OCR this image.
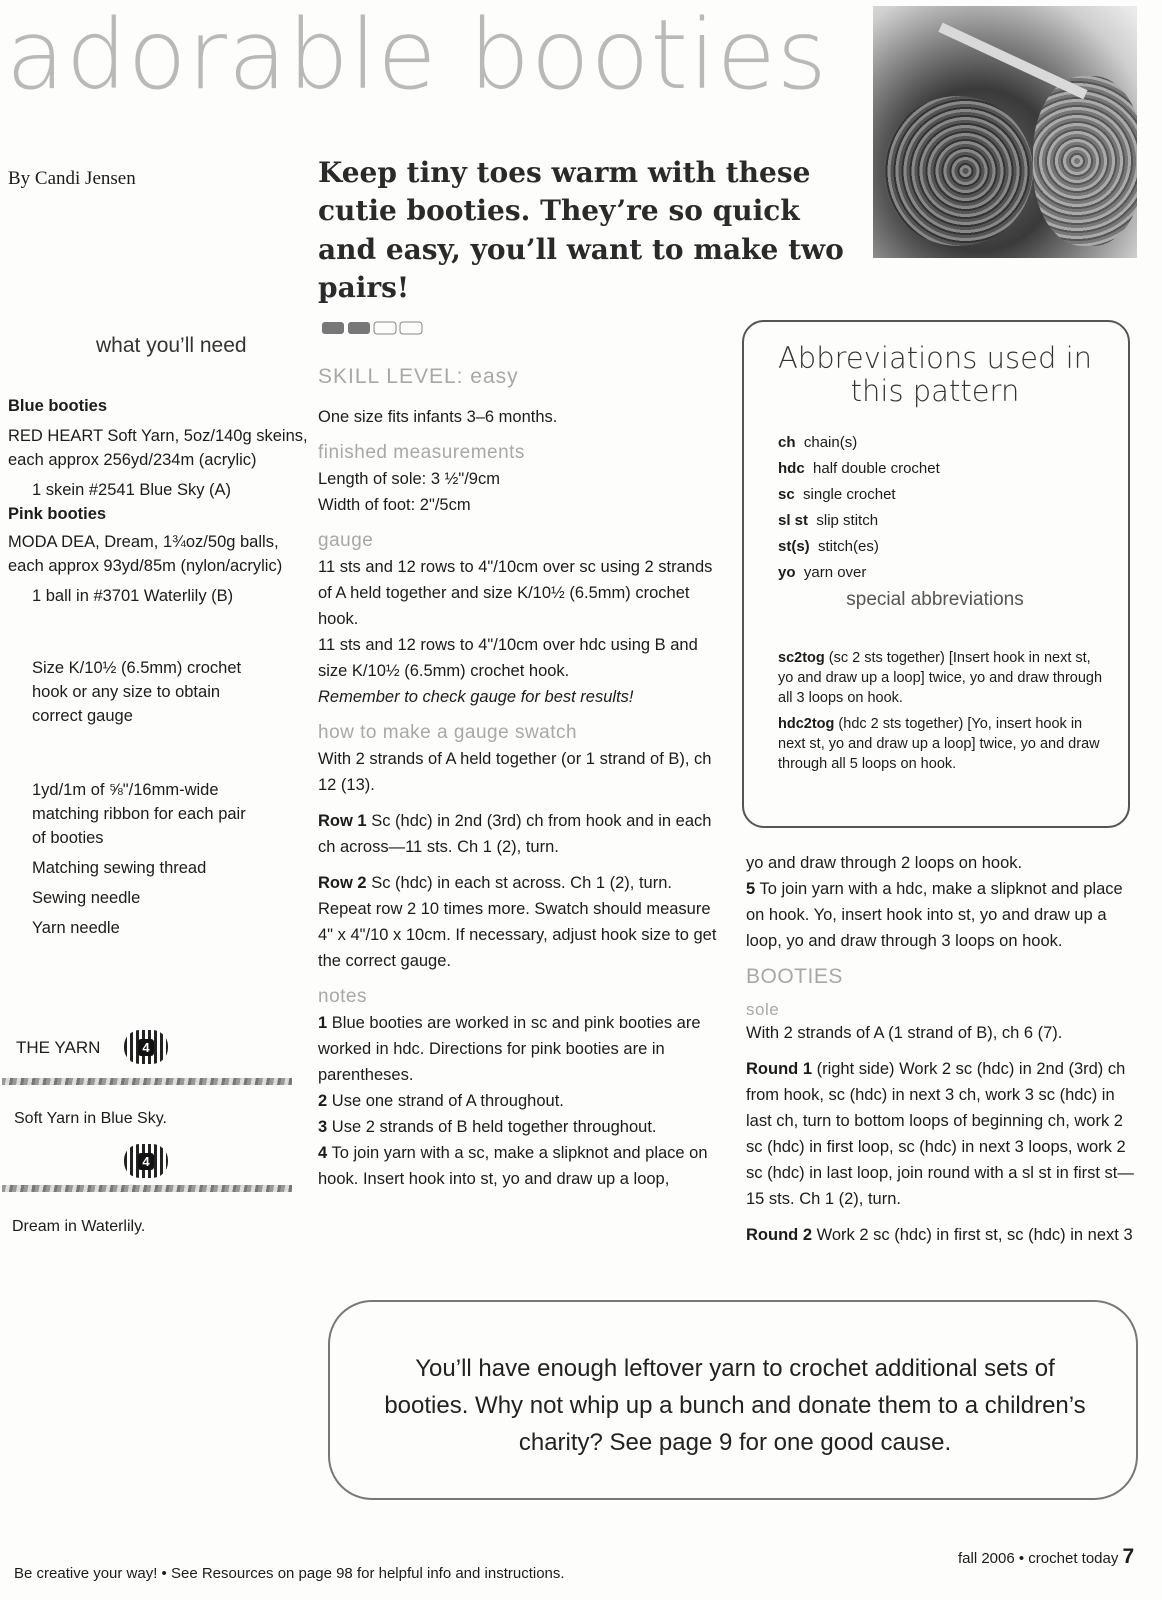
adorable booties
By Candi Jensen	Keep tiny toes warm with these cutie booties. They’re so quick and easy, you’ll want to make two pairs!
what you’ll need

Blue booties

RED HEART Soft Yarn, 5oz/140g skeins, each approx 256yd/234m (acrylic)

1 skein #2541 Blue Sky (A)

Pink booties

MODA DEA, Dream, 1¾oz/50g balls, each approx 93yd/85m (nylon/acrylic)

1 ball in #3701 Waterlily (B)

Size K/10½ (6.5mm) crochet hook or any size to obtain correct gauge

1yd/1m of ⅝"/16mm-wide matching ribbon for each pair of booties

Matching sewing thread

Sewing needle

Yarn needle

THE YARN	4
Soft Yarn in Blue Sky.
4
Dream in Waterlily.

SKILL LEVEL: easy

One size fits infants 3–6 months.

finished measurements

Length of sole: 3 ½"/9cm

Width of foot: 2"/5cm

gauge

11 sts and 12 rows to 4"/10cm over sc using 2 strands of A held together and size K/10½ (6.5mm) crochet hook.

11 sts and 12 rows to 4"/10cm over hdc using B and size K/10½ (6.5mm) crochet hook.

Remember to check gauge for best results!

how to make a gauge swatch

With 2 strands of A held together (or 1 strand of B), ch 12 (13).

Row 1 Sc (hdc) in 2nd (3rd) ch from hook and in each ch across—11 sts. Ch 1 (2), turn.

Row 2 Sc (hdc) in each st across. Ch 1 (2), turn. Repeat row 2 10 times more. Swatch should measure 4" x 4"/10 x 10cm. If necessary, adjust hook size to get the correct gauge.

notes

1 Blue booties are worked in sc and pink booties are worked in hdc. Directions for pink booties are in parentheses.

2 Use one strand of A throughout.

3 Use 2 strands of B held together throughout.

4 To join yarn with a sc, make a slipknot and place on hook. Insert hook into st, yo and draw up a loop,

Abbreviations used in this pattern

ch chain(s)

hdc half double crochet

sc single crochet

sl st slip stitch

st(s) stitch(es)

yo yarn over

special abbreviations

sc2tog (sc 2 sts together) [Insert hook in next st, yo and draw up a loop] twice, yo and draw through all 3 loops on hook.

hdc2tog (hdc 2 sts together) [Yo, insert hook in next st, yo and draw up a loop] twice, yo and draw through all 5 loops on hook.

yo and draw through 2 loops on hook.

5 To join yarn with a hdc, make a slipknot and place on hook. Yo, insert hook into st, yo and draw up a loop, yo and draw through 3 loops on hook.

BOOTIES

sole

With 2 strands of A (1 strand of B), ch 6 (7).

Round 1 (right side) Work 2 sc (hdc) in 2nd (3rd) ch from hook, sc (hdc) in next 3 ch, work 3 sc (hdc) in last ch, turn to bottom loops of beginning ch, work 2 sc (hdc) in first loop, sc (hdc) in next 3 loops, work 2 sc (hdc) in last loop, join round with a sl st in first st—15 sts. Ch 1 (2), turn.

Round 2 Work 2 sc (hdc) in first st, sc (hdc) in next 3

You’ll have enough leftover yarn to crochet additional sets of booties. Why not whip up a bunch and donate them to a children’s charity? See page 9 for one good cause.
Be creative your way! • See Resources on page 98 for helpful info and instructions.
fall 2006 • crochet today 7
